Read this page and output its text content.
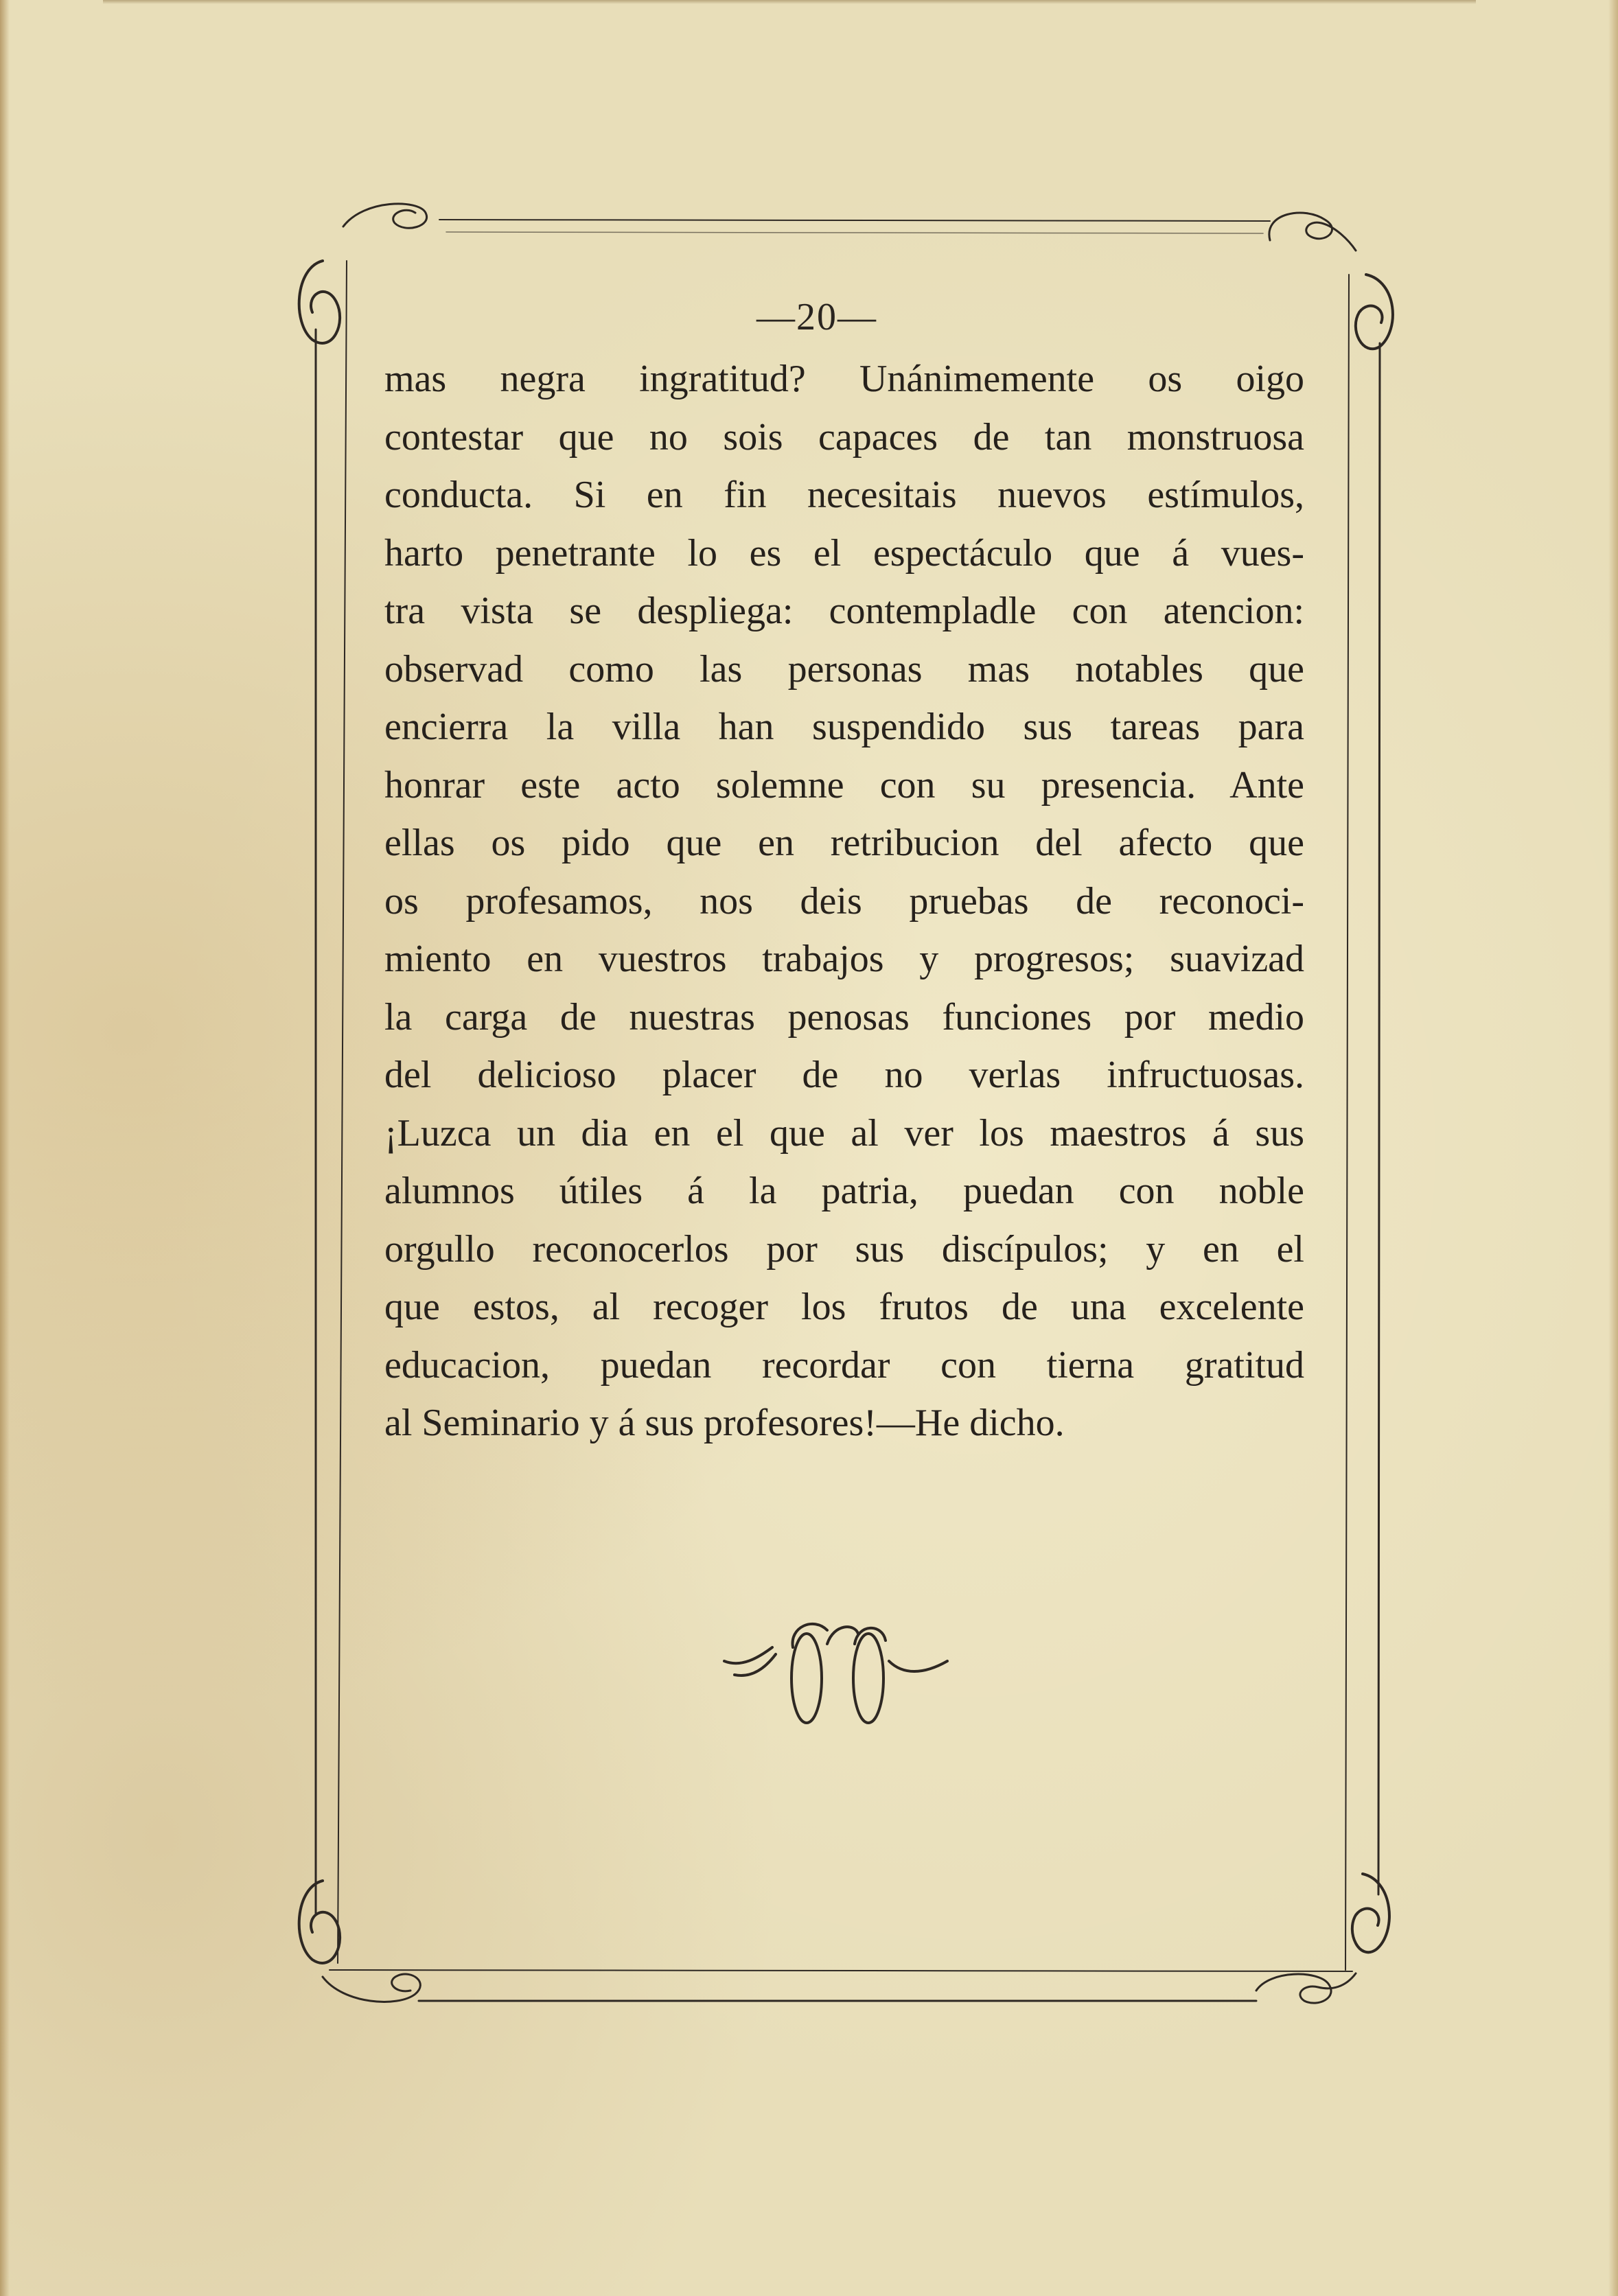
—20—
mas negra ingratitud? Unánimemente os oigo
contestar que no sois capaces de tan monstruosa
conducta. Si en fin necesitais nuevos estímulos,
harto penetrante lo es el espectáculo que á vues-
tra vista se despliega: contempladle con atencion:
observad como las personas mas notables que
encierra la villa han suspendido sus tareas para
honrar este acto solemne con su presencia. Ante
ellas os pido que en retribucion del afecto que
os profesamos, nos deis pruebas de reconoci-
miento en vuestros trabajos y progresos; suavizad
la carga de nuestras penosas funciones por medio
del delicioso placer de no verlas infructuosas.
¡Luzca un dia en el que al ver los maestros á sus
alumnos útiles á la patria, puedan con noble
orgullo reconocerlos por sus discípulos; y en el
que estos, al recoger los frutos de una excelente
educacion, puedan recordar con tierna gratitud
al Seminario y á sus profesores!—He dicho.
